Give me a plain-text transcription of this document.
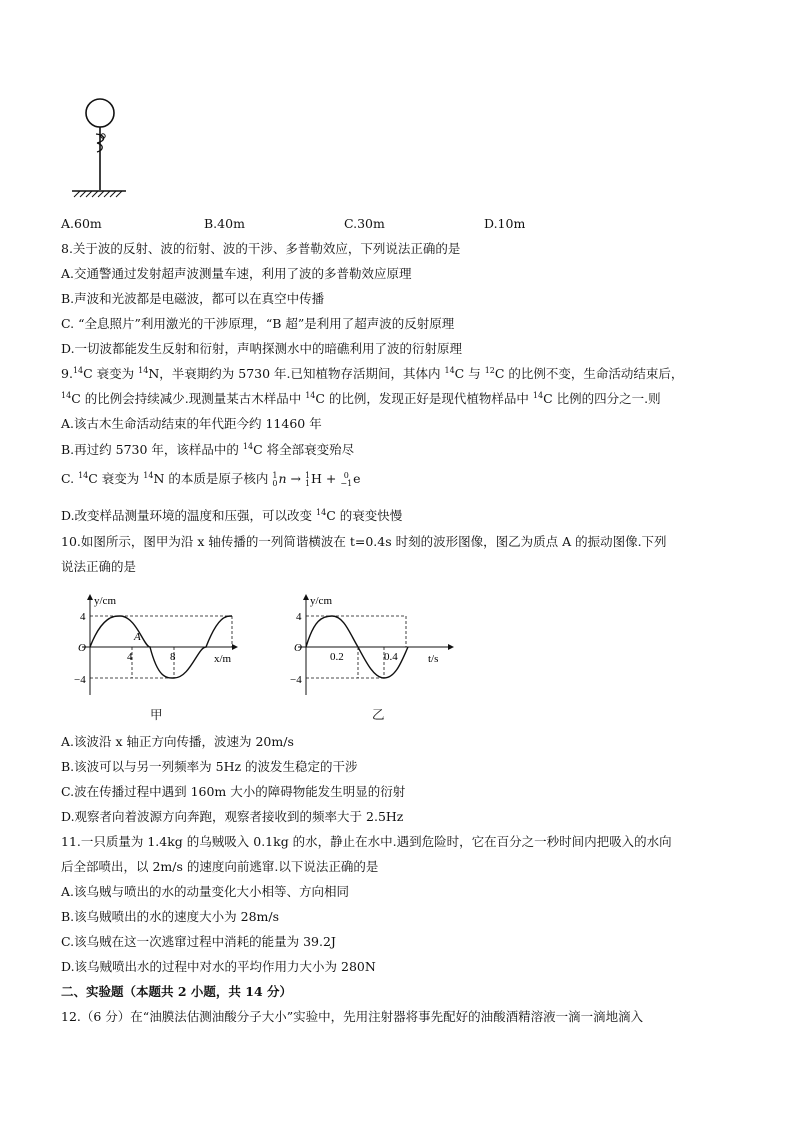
A.60m	B.40m	C.30m	D.10m
8.关于波的反射、波的衍射、波的干涉、多普勒效应，下列说法正确的是
A.交通警通过发射超声波测量车速，利用了波的多普勒效应原理
B.声波和光波都是电磁波，都可以在真空中传播
C. “全息照片”利用激光的干涉原理，“B 超”是利用了超声波的反射原理
D.一切波都能发生反射和衍射，声呐探测水中的暗礁利用了波的衍射原理
9.14C 衰变为 $^{14}$N，半衰期约为 5730 年.已知植物存活期间，其体内 $^{14}$C 与 $^{12}$C 的比例不变，生命活动结束后，
$^{14}$C 的比例会持续减少.现测量某古木样品中 $^{14}$C 的比例，发现正好是现代植物样品中 $^{14}$C 比例的四分之一.则
A.该古木生命活动结束的年代距今约 11460 年
B.再过约 5730 年，该样品中的 $^{14}$C 将全部衰变殆尽
C. $^{14}$C 衰变为 $^{14}$N 的本质是原子核内 1
0n → 1
1H + 0
−1e
D.改变样品测量环境的温度和压强，可以改变 $^{14}$C 的衰变快慢
10.如图所示，图甲为沿 x 轴传播的一列简谐横波在 t=0.4s 时刻的波形图像，图乙为质点 A 的振动图像.下列
说法正确的是
y/cm
4
O
−4
4	8
A
x/m
甲
y/cm
4
O
−4
0.2	0.4	t/s
乙
A.该波沿 x 轴正方向传播，波速为 20m/s
B.该波可以与另一列频率为 5Hz 的波发生稳定的干涉
C.波在传播过程中遇到 160m 大小的障碍物能发生明显的衍射
D.观察者向着波源方向奔跑，观察者接收到的频率大于 2.5Hz
11.一只质量为 1.4kg 的乌贼吸入 0.1kg 的水，静止在水中.遇到危险时，它在百分之一秒时间内把吸入的水向
后全部喷出，以 2m/s 的速度向前逃窜.以下说法正确的是
A.该乌贼与喷出的水的动量变化大小相等、方向相同
B.该乌贼喷出的水的速度大小为 28m/s
C.该乌贼在这一次逃窜过程中消耗的能量为 39.2J
D.该乌贼喷出水的过程中对水的平均作用力大小为 280N
二、实验题（本题共 2 小题，共 14 分）
12.（6 分）在“油膜法估测油酸分子大小”实验中，先用注射器将事先配好的油酸酒精溶液一滴一滴地滴入
